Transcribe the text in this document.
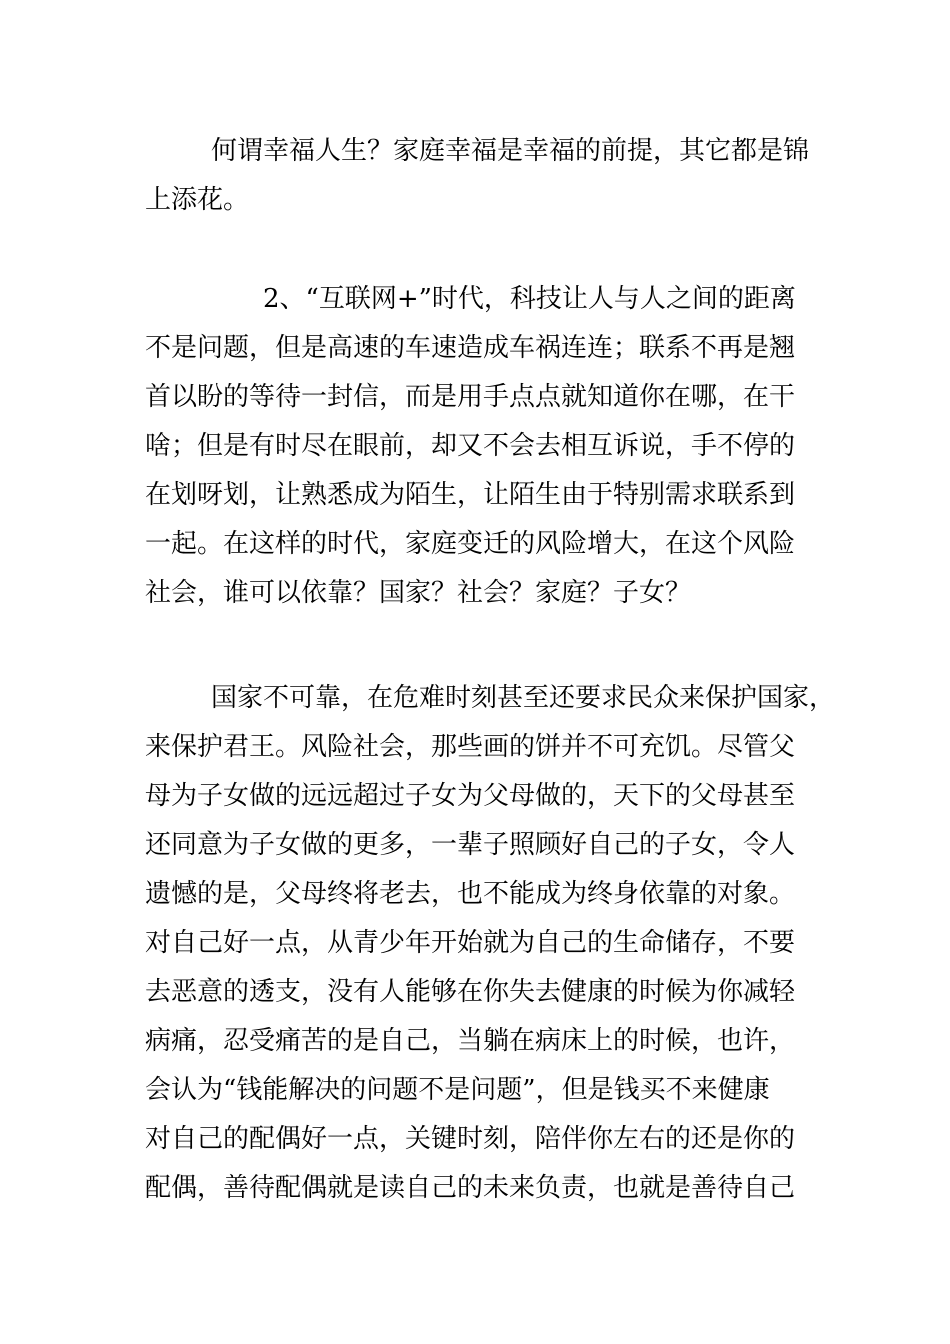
何谓幸福人生？家庭幸福是幸福的前提，其它都是锦
上添花。

2、“互联网+”时代，科技让人与人之间的距离
不是问题，但是高速的车速造成车祸连连；联系不再是翘
首以盼的等待一封信，而是用手点点就知道你在哪，在干
啥；但是有时尽在眼前，却又不会去相互诉说，手不停的
在划呀划，让熟悉成为陌生，让陌生由于特别需求联系到
一起。在这样的时代，家庭变迁的风险增大，在这个风险
社会，谁可以依靠？国家？社会？家庭？子女？

国家不可靠，在危难时刻甚至还要求民众来保护国家，
来保护君王。风险社会，那些画的饼并不可充饥。尽管父
母为子女做的远远超过子女为父母做的，天下的父母甚至
还同意为子女做的更多，一辈子照顾好自己的子女，令人
遗憾的是，父母终将老去，也不能成为终身依靠的对象。
对自己好一点，从青少年开始就为自己的生命储存，不要
去恶意的透支，没有人能够在你失去健康的时候为你减轻
病痛，忍受痛苦的是自己，当躺在病床上的时候，也许，
会认为“钱能解决的问题不是问题”，但是钱买不来健康
对自己的配偶好一点，关键时刻，陪伴你左右的还是你的
配偶，善待配偶就是读自己的未来负责，也就是善待自己
